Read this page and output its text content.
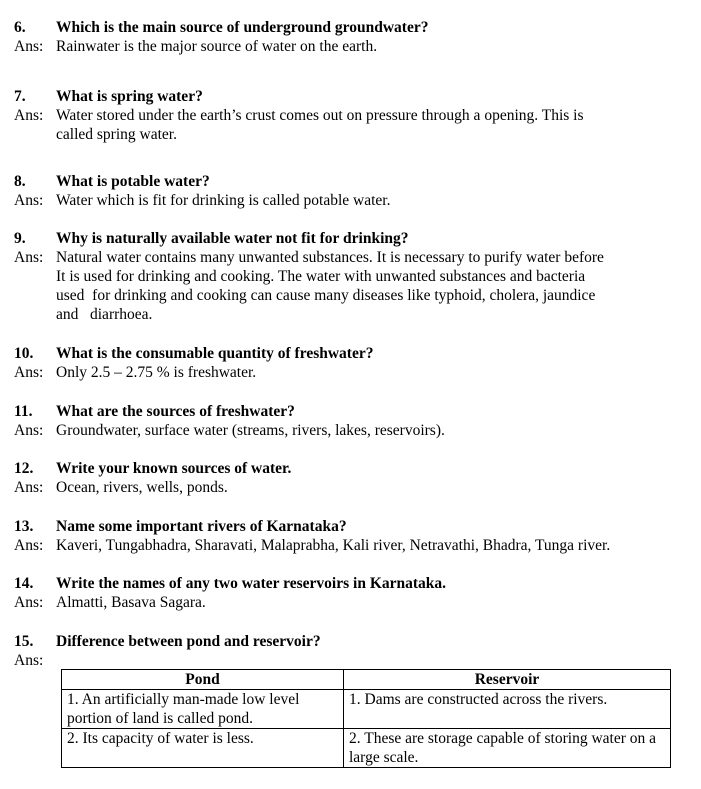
6. Which is the main source of underground groundwater?
Ans: Rainwater is the major source of water on the earth.
7. What is spring water?
Ans: Water stored under the earth’s crust comes out on pressure through a opening. This is
called spring water.
8. What is potable water?
Ans: Water which is fit for drinking is called potable water.
9. Why is naturally available water not fit for drinking?
Ans: Natural water contains many unwanted substances. It is necessary to purify water before
It is used for drinking and cooking. The water with unwanted substances and bacteria
used  for drinking and cooking can cause many diseases like typhoid, cholera, jaundice
and   diarrhoea.
10. What is the consumable quantity of freshwater?
Ans: Only 2.5 – 2.75 % is freshwater.
11. What are the sources of freshwater?
Ans: Groundwater, surface water (streams, rivers, lakes, reservoirs).
12. Write your known sources of water.
Ans: Ocean, rivers, wells, ponds.
13. Name some important rivers of Karnataka?
Ans: Kaveri, Tungabhadra, Sharavati, Malaprabha, Kali river, Netravathi, Bhadra, Tunga river.
14. Write the names of any two water reservoirs in Karnataka.
Ans: Almatti, Basava Sagara.
15. Difference between pond and reservoir?
Ans:
Pond	Reservoir
1. An artificially man-made low level portion of land is called pond.	1. Dams are constructed across the rivers.
2. Its capacity of water is less.	2. These are storage capable of storing water on a large scale.
